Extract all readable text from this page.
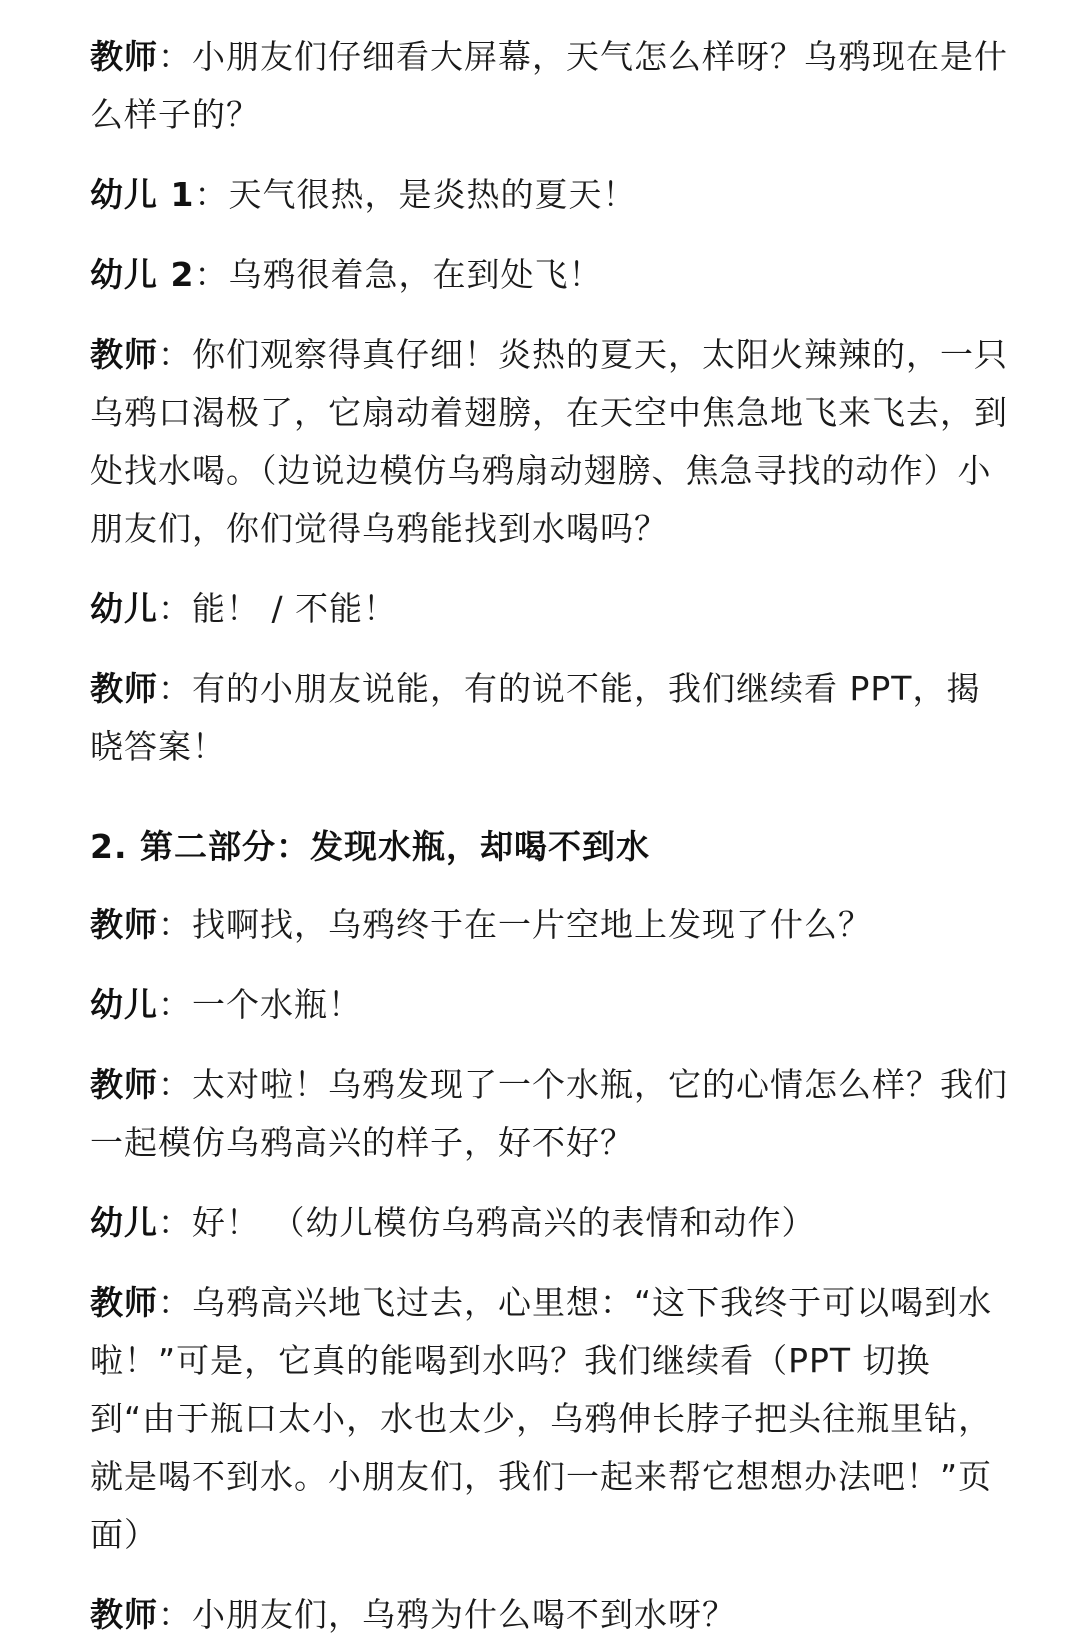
教师：小朋友们仔细看大屏幕，天气怎么样呀？乌鸦现在是什么样子的？

幼儿 1：天气很热，是炎热的夏天！

幼儿 2：乌鸦很着急，在到处飞！

教师：你们观察得真仔细！炎热的夏天，太阳火辣辣的，一只乌鸦口渴极了，它扇动着翅膀，在天空中焦急地飞来飞去，到处找水喝。（边说边模仿乌鸦扇动翅膀、焦急寻找的动作）小朋友们，你们觉得乌鸦能找到水喝吗？

幼儿：能！ / 不能！

教师：有的小朋友说能，有的说不能，我们继续看 PPT，揭晓答案！

2. 第二部分：发现水瓶，却喝不到水

教师：找啊找，乌鸦终于在一片空地上发现了什么？

幼儿：一个水瓶！

教师：太对啦！乌鸦发现了一个水瓶，它的心情怎么样？我们一起模仿乌鸦高兴的样子，好不好？

幼儿：好！ （幼儿模仿乌鸦高兴的表情和动作）

教师：乌鸦高兴地飞过去，心里想：“这下我终于可以喝到水啦！”可是，它真的能喝到水吗？我们继续看（PPT 切换到“由于瓶口太小，水也太少，乌鸦伸长脖子把头往瓶里钻，就是喝不到水。小朋友们，我们一起来帮它想想办法吧！”页面）

教师：小朋友们，乌鸦为什么喝不到水呀？
